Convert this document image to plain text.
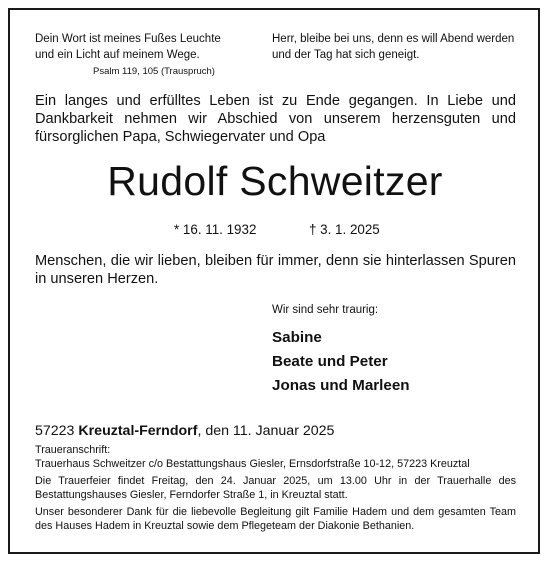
Dein Wort ist meines Fußes Leuchte
und ein Licht auf meinem Wege.
Psalm 119, 105 (Trauspruch)
Herr, bleibe bei uns, denn es will Abend werden
und der Tag hat sich geneigt.
Ein langes und erfülltes Leben ist zu Ende gegangen. In Liebe und Dankbarkeit nehmen wir Abschied von unserem herzensguten und fürsorglichen Papa, Schwiegervater und Opa
Rudolf Schweitzer
* 16. 11. 1932	† 3. 1. 2025
Menschen, die wir lieben, bleiben für immer, denn sie hinterlassen Spuren in unseren Herzen.
Wir sind sehr traurig:
Sabine
Beate und Peter
Jonas und Marleen
57223 Kreuztal-Ferndorf, den 11. Januar 2025
Traueranschrift:
Trauerhaus Schweitzer c/o Bestattungshaus Giesler, Ernsdorfstraße 10-12, 57223 Kreuztal
Die Trauerfeier findet Freitag, den 24. Januar 2025, um 13.00 Uhr in der Trauerhalle des Bestattungshauses Giesler, Ferndorfer Straße 1, in Kreuztal statt.
Unser besonderer Dank für die liebevolle Begleitung gilt Familie Hadem und dem gesamten Team des Hauses Hadem in Kreuztal sowie dem Pflegeteam der Diakonie Bethanien.
